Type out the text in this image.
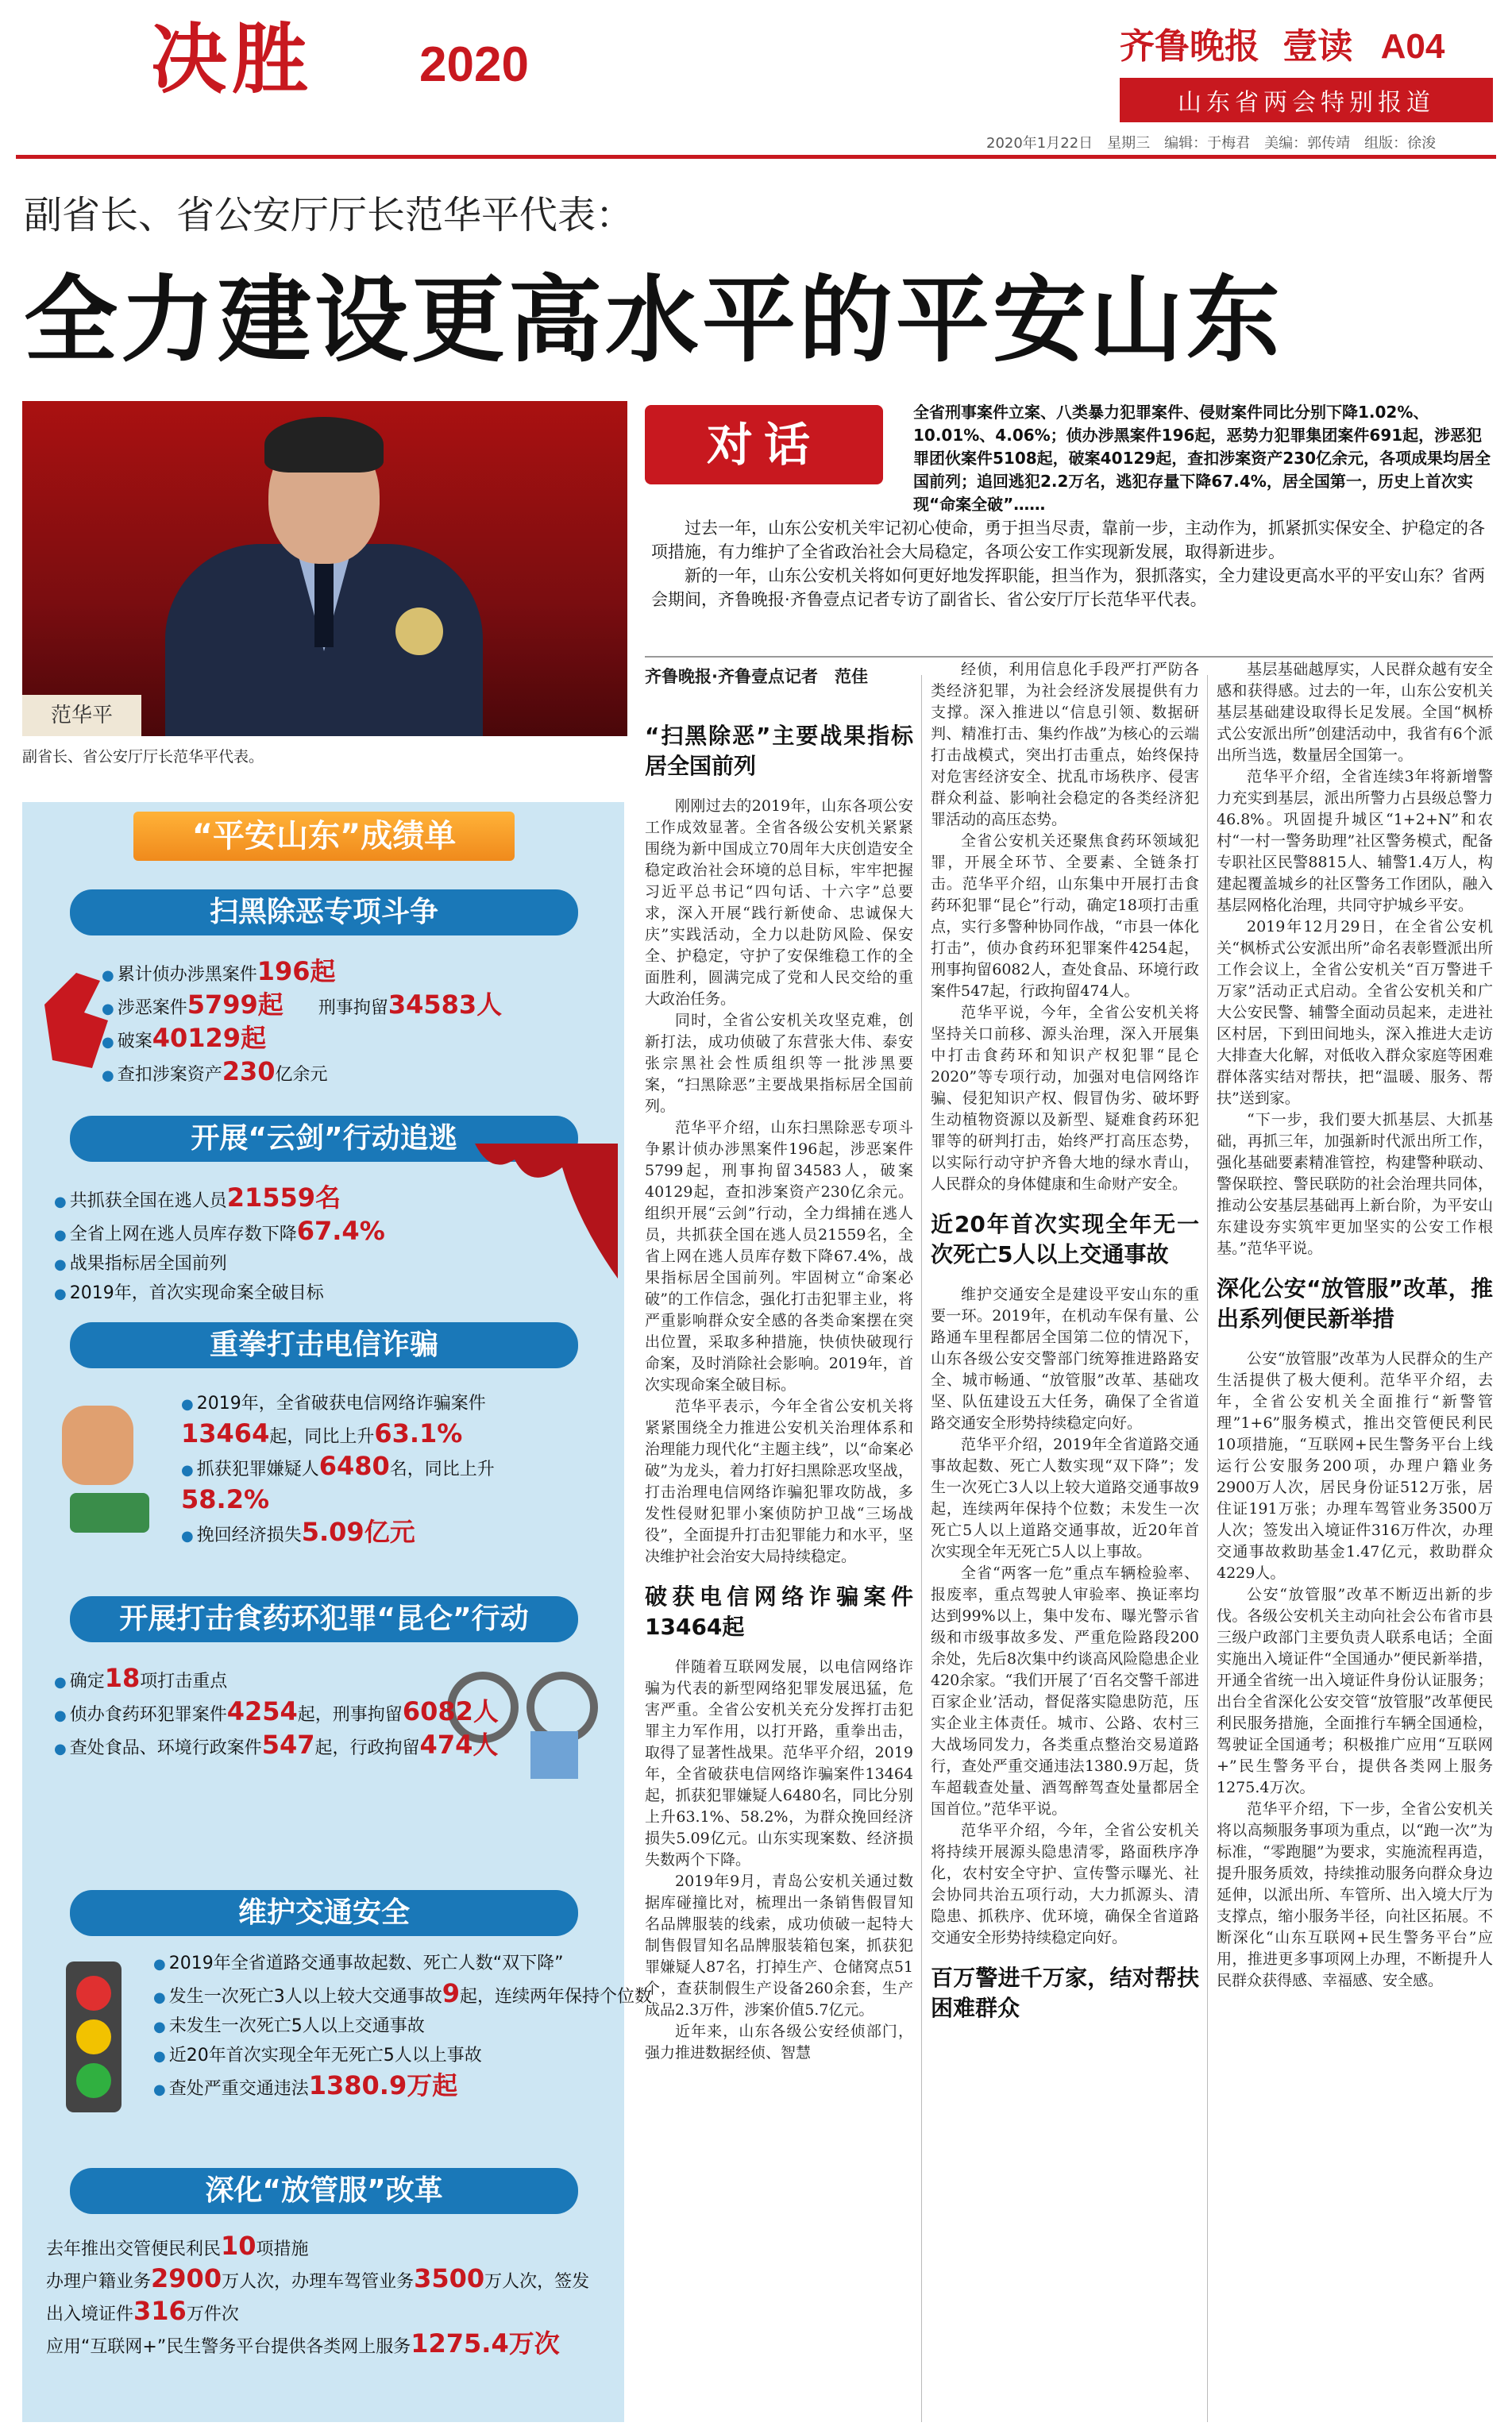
决胜 2020	齐鲁晚报 壹读 A04
山东省两会特别报道
2020年1月22日　星期三　编辑：于梅君　美编：郭传靖　组版：徐浚
副省长、省公安厅厅长范华平代表：
全力建设更高水平的平安山东
范华平
副省长、省公安厅厅长范华平代表。
“平安山东”成绩单
扫黑除恶专项斗争
● 累计侦办涉黑案件196起
● 涉恶案件5799起　　 刑事拘留34583人
● 破案40129起
● 查扣涉案资产230亿余元
开展“云剑”行动追逃
● 共抓获全国在逃人员21559名
● 全省上网在逃人员库存数下降67.4%
● 战果指标居全国前列
● 2019年，首次实现命案全破目标
重拳打击电信诈骗
● 2019年，全省破获电信网络诈骗案件
13464起，同比上升63.1%
● 抓获犯罪嫌疑人6480名，同比上升
58.2%
● 挽回经济损失5.09亿元
开展打击食药环犯罪“昆仑”行动
● 确定18项打击重点
● 侦办食药环犯罪案件4254起，刑事拘留6082人
● 查处食品、环境行政案件547起，行政拘留474人
维护交通安全
● 2019年全省道路交通事故起数、死亡人数“双下降”
● 发生一次死亡3人以上较大交通事故9起，连续两年保持个位数
● 未发生一次死亡5人以上交通事故
● 近20年首次实现全年无死亡5人以上事故
● 查处严重交通违法1380.9万起
深化“放管服”改革
去年推出交管便民利民10项措施
办理户籍业务2900万人次，办理车驾管业务3500万人次，签发出入境证件316万件次
应用“互联网+”民生警务平台提供各类网上服务1275.4万次
对话
全省刑事案件立案、八类暴力犯罪案件、侵财案件同比分别下降1.02%、10.01%、4.06%；侦办涉黑案件196起，恶势力犯罪集团案件691起，涉恶犯罪团伙案件5108起，破案40129起，查扣涉案资产230亿余元，各项成果均居全国前列；追回逃犯2.2万名，逃犯存量下降67.4%，居全国第一，历史上首次实现“命案全破”……

过去一年，山东公安机关牢记初心使命，勇于担当尽责，靠前一步，主动作为，抓紧抓实保安全、护稳定的各项措施，有力维护了全省政治社会大局稳定，各项公安工作实现新发展，取得新进步。

新的一年，山东公安机关将如何更好地发挥职能，担当作为，狠抓落实，全力建设更高水平的平安山东？省两会期间，齐鲁晚报·齐鲁壹点记者专访了副省长、省公安厅厅长范华平代表。

齐鲁晚报·齐鲁壹点记者　范佳
“扫黑除恶”主要战果指标居全国前列

刚刚过去的2019年，山东各项公安工作成效显著。全省各级公安机关紧紧围绕为新中国成立70周年大庆创造安全稳定政治社会环境的总目标，牢牢把握习近平总书记“四句话、十六字”总要求，深入开展“践行新使命、忠诚保大庆”实践活动，全力以赴防风险、保安全、护稳定，守护了安保维稳工作的全面胜利，圆满完成了党和人民交给的重大政治任务。

同时，全省公安机关攻坚克难，创新打法，成功侦破了东营张大伟、泰安张宗黑社会性质组织等一批涉黑要案，“扫黑除恶”主要战果指标居全国前列。

范华平介绍，山东扫黑除恶专项斗争累计侦办涉黑案件196起，涉恶案件5799起，刑事拘留34583人，破案40129起，查扣涉案资产230亿余元。组织开展“云剑”行动，全力缉捕在逃人员，共抓获全国在逃人员21559名，全省上网在逃人员库存数下降67.4%，战果指标居全国前列。牢固树立“命案必破”的工作信念，强化打击犯罪主业，将严重影响群众安全感的各类命案摆在突出位置，采取多种措施，快侦快破现行命案，及时消除社会影响。2019年，首次实现命案全破目标。

范华平表示，今年全省公安机关将紧紧围绕全力推进公安机关治理体系和治理能力现代化“主题主线”，以“命案必破”为龙头，着力打好扫黑除恶攻坚战，打击治理电信网络诈骗犯罪攻防战，多发性侵财犯罪小案侦防护卫战“三场战役”，全面提升打击犯罪能力和水平，坚决维护社会治安大局持续稳定。

破获电信网络诈骗案件13464起

伴随着互联网发展，以电信网络诈骗为代表的新型网络犯罪发展迅猛，危害严重。全省公安机关充分发挥打击犯罪主力军作用，以打开路，重拳出击，取得了显著性战果。范华平介绍，2019年，全省破获电信网络诈骗案件13464起，抓获犯罪嫌疑人6480名，同比分别上升63.1%、58.2%，为群众挽回经济损失5.09亿元。山东实现案数、经济损失数两个下降。

2019年9月，青岛公安机关通过数据库碰撞比对，梳理出一条销售假冒知名品牌服装的线索，成功侦破一起特大制售假冒知名品牌服装箱包案，抓获犯罪嫌疑人87名，打掉生产、仓储窝点51个，查获制假生产设备260余套，生产成品2.3万件，涉案价值5.7亿元。

近年来，山东各级公安经侦部门，强力推进数据经侦、智慧

经侦，利用信息化手段严打严防各类经济犯罪，为社会经济发展提供有力支撑。深入推进以“信息引领、数据研判、精准打击、集约作战”为核心的云端打击战模式，突出打击重点，始终保持对危害经济安全、扰乱市场秩序、侵害群众利益、影响社会稳定的各类经济犯罪活动的高压态势。

全省公安机关还聚焦食药环领域犯罪，开展全环节、全要素、全链条打击。范华平介绍，山东集中开展打击食药环犯罪“昆仑”行动，确定18项打击重点，实行多警种协同作战，“市县一体化打击”，侦办食药环犯罪案件4254起，刑事拘留6082人，查处食品、环境行政案件547起，行政拘留474人。

范华平说，今年，全省公安机关将坚持关口前移、源头治理，深入开展集中打击食药环和知识产权犯罪“昆仑2020”等专项行动，加强对电信网络诈骗、侵犯知识产权、假冒伪劣、破坏野生动植物资源以及新型、疑难食药环犯罪等的研判打击，始终严打高压态势，以实际行动守护齐鲁大地的绿水青山，人民群众的身体健康和生命财产安全。

近20年首次实现全年无一次死亡5人以上交通事故

维护交通安全是建设平安山东的重要一环。2019年，在机动车保有量、公路通车里程都居全国第二位的情况下，山东各级公安交警部门统筹推进路路安全、城市畅通、“放管服”改革、基础攻坚、队伍建设五大任务，确保了全省道路交通安全形势持续稳定向好。

范华平介绍，2019年全省道路交通事故起数、死亡人数实现“双下降”；发生一次死亡3人以上较大道路交通事故9起，连续两年保持个位数；未发生一次死亡5人以上道路交通事故，近20年首次实现全年无死亡5人以上事故。

全省“两客一危”重点车辆检验率、报废率，重点驾驶人审验率、换证率均达到99%以上，集中发布、曝光警示省级和市级事故多发、严重危险路段200余处，先后8次集中约谈高风险隐患企业420余家。“我们开展了‘百名交警千部进百家企业’活动，督促落实隐患防范，压实企业主体责任。城市、公路、农村三大战场同发力，各类重点整治交易道路行，查处严重交通违法1380.9万起，货车超载查处量、酒驾醉驾查处量都居全国首位。”范华平说。

范华平介绍，今年，全省公安机关将持续开展源头隐患清零，路面秩序净化，农村安全守护、宣传警示曝光、社会协同共治五项行动，大力抓源头、清隐患、抓秩序、优环境，确保全省道路交通安全形势持续稳定向好。

百万警进千万家，结对帮扶困难群众

基层基础越厚实，人民群众越有安全感和获得感。过去的一年，山东公安机关基层基础建设取得长足发展。全国“枫桥式公安派出所”创建活动中，我省有6个派出所当选，数量居全国第一。

范华平介绍，全省连续3年将新增警力充实到基层，派出所警力占县级总警力46.8%。巩固提升城区“1+2+N”和农村“一村一警务助理”社区警务模式，配备专职社区民警8815人、辅警1.4万人，构建起覆盖城乡的社区警务工作团队，融入基层网格化治理，共同守护城乡平安。

2019年12月29日，在全省公安机关“枫桥式公安派出所”命名表彰暨派出所工作会议上，全省公安机关“百万警进千万家”活动正式启动。全省公安机关和广大公安民警、辅警全面动员起来，走进社区村居，下到田间地头，深入推进大走访大排查大化解，对低收入群众家庭等困难群体落实结对帮扶，把“温暖、服务、帮扶”送到家。

“下一步，我们要大抓基层、大抓基础，再抓三年，加强新时代派出所工作，强化基础要素精准管控，构建警种联动、警保联控、警民联防的社会治理共同体，推动公安基层基础再上新台阶，为平安山东建设夯实筑牢更加坚实的公安工作根基。”范华平说。

深化公安“放管服”改革，推出系列便民新举措

公安“放管服”改革为人民群众的生产生活提供了极大便利。范华平介绍，去年，全省公安机关全面推行“新警管理”1+6”服务模式，推出交管便民利民10项措施，“互联网+民生警务平台上线运行公安服务200项，办理户籍业务2900万人次，居民身份证512万张，居住证191万张；办理车驾管业务3500万人次；签发出入境证件316万件次，办理交通事故救助基金1.47亿元，救助群众4229人。

公安“放管服”改革不断迈出新的步伐。各级公安机关主动向社会公布省市县三级户政部门主要负责人联系电话；全面实施出入境证件“全国通办”便民新举措，开通全省统一出入境证件身份认证服务；出台全省深化公安交管“放管服”改革便民利民服务措施，全面推行车辆全国通检，驾驶证全国通考；积极推广应用“互联网+”民生警务平台，提供各类网上服务1275.4万次。

范华平介绍，下一步，全省公安机关将以高频服务事项为重点，以“跑一次”为标准，“零跑腿”为要求，实施流程再造，提升服务质效，持续推动服务向群众身边延伸，以派出所、车管所、出入境大厅为支撑点，缩小服务半径，向社区拓展。不断深化“山东互联网+民生警务平台”应用，推进更多事项网上办理，不断提升人民群众获得感、幸福感、安全感。
